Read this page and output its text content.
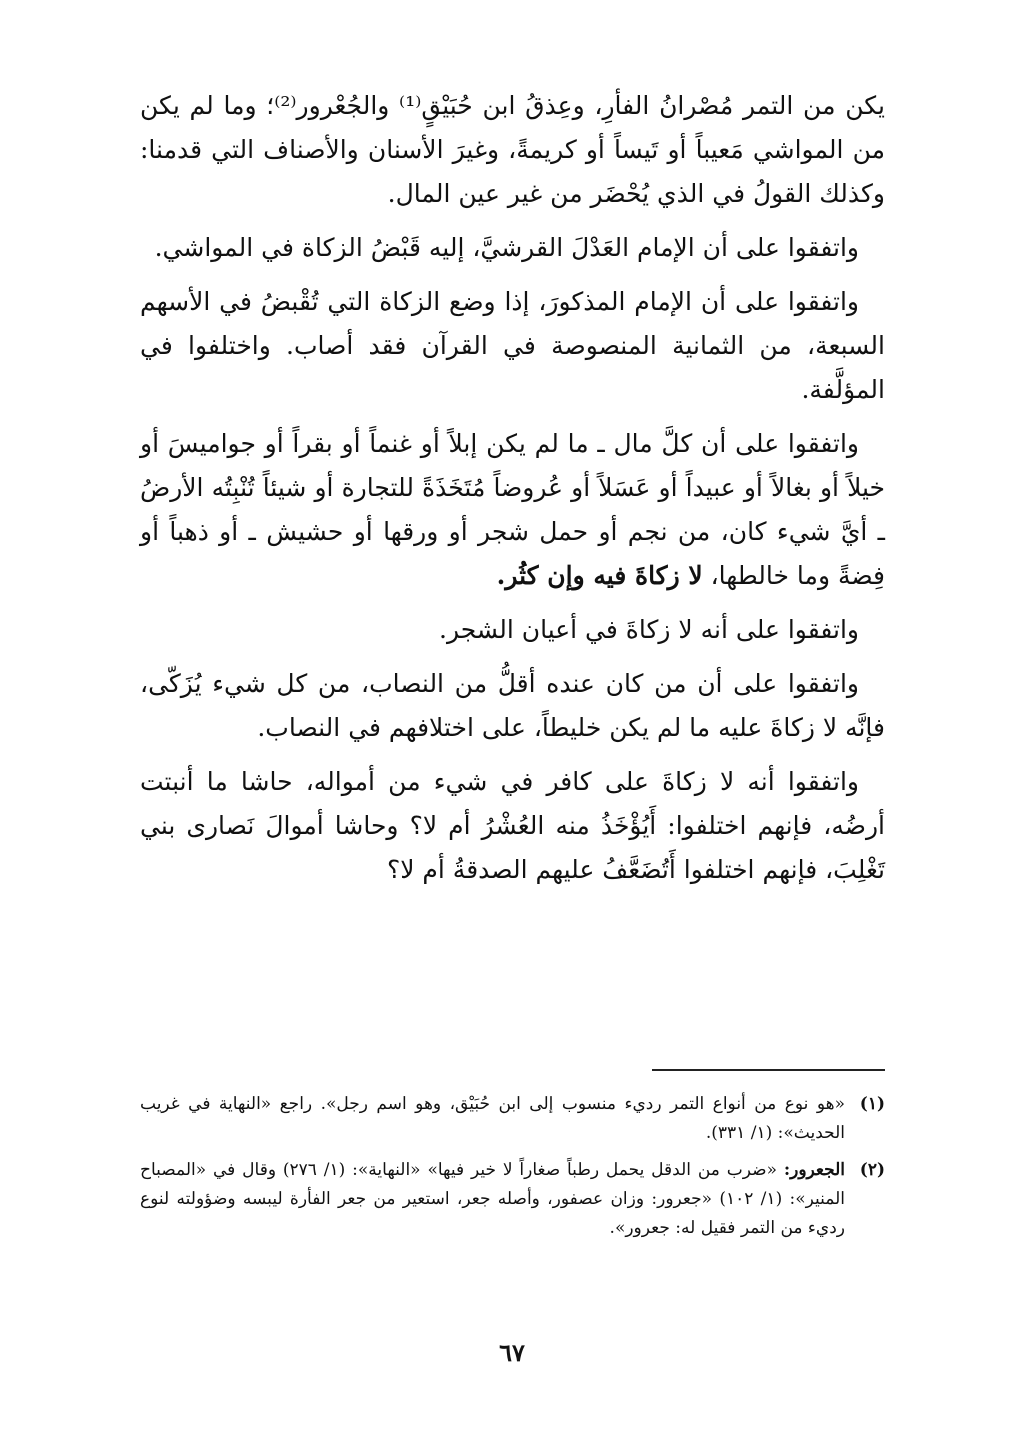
يكن من التمر مُصْرانُ الفأرِ، وعِذقُ ابن حُبَيْقٍ⁽¹⁾ والجُعْرور⁽²⁾؛ وما لم يكن من المواشي مَعيباً أو تَيساً أو كريمةً، وغيرَ الأسنان والأصناف التي قدمنا: وكذلك القولُ في الذي يُحْضَر من غير عين المال.

واتفقوا على أن الإمام العَدْلَ القرشيَّ، إليه قَبْضُ الزكاة في المواشي.

واتفقوا على أن الإمام المذكورَ، إذا وضع الزكاة التي تُقْبضُ في الأسهم السبعة، من الثمانية المنصوصة في القرآن فقد أصاب. واختلفوا في المؤلَّفة.

واتفقوا على أن كلَّ مال ـ ما لم يكن إبلاً أو غنماً أو بقراً أو جواميسَ أو خيلاً أو بغالاً أو عبيداً أو عَسَلاً أو عُروضاً مُتَخَذَةً للتجارة أو شيئاً تُنْبِتُه الأرضُ ـ أيَّ شيء كان، من نجم أو حمل شجر أو ورقها أو حشيش ـ أو ذهباً أو فِضةً وما خالطها، لا زكاةَ فيه وإن كثُر.

واتفقوا على أنه لا زكاةَ في أعيان الشجر.

واتفقوا على أن من كان عنده أقلُّ من النصاب، من كل شيء يُزَكّى، فإنَّه لا زكاةَ عليه ما لم يكن خليطاً، على اختلافهم في النصاب.

واتفقوا أنه لا زكاةَ على كافر في شيء من أمواله، حاشا ما أنبتت أرضُه، فإنهم اختلفوا: أَيُؤْخَذُ منه العُشْرُ أم لا؟ وحاشا أموالَ نَصارى بني تَغْلِبَ، فإنهم اختلفوا أَتُضَعَّفُ عليهم الصدقةُ أم لا؟

(١)
«هو نوع من أنواع التمر رديء منسوب إلى ابن حُبَيْق، وهو اسم رجل». راجع «النهاية في غريب الحديث»: (١/ ٣٣١).
(٢)
الجعرور: «ضرب من الدقل يحمل رطباً صغاراً لا خير فيها» «النهاية»: (١/ ٢٧٦) وقال في «المصباح المنير»: (١/ ١٠٢) «جعرور: وزان عصفور، وأصله جعر، استعير من جعر الفأرة ليبسه وضؤولته لنوع رديء من التمر فقيل له: جعرور».
٦٧
